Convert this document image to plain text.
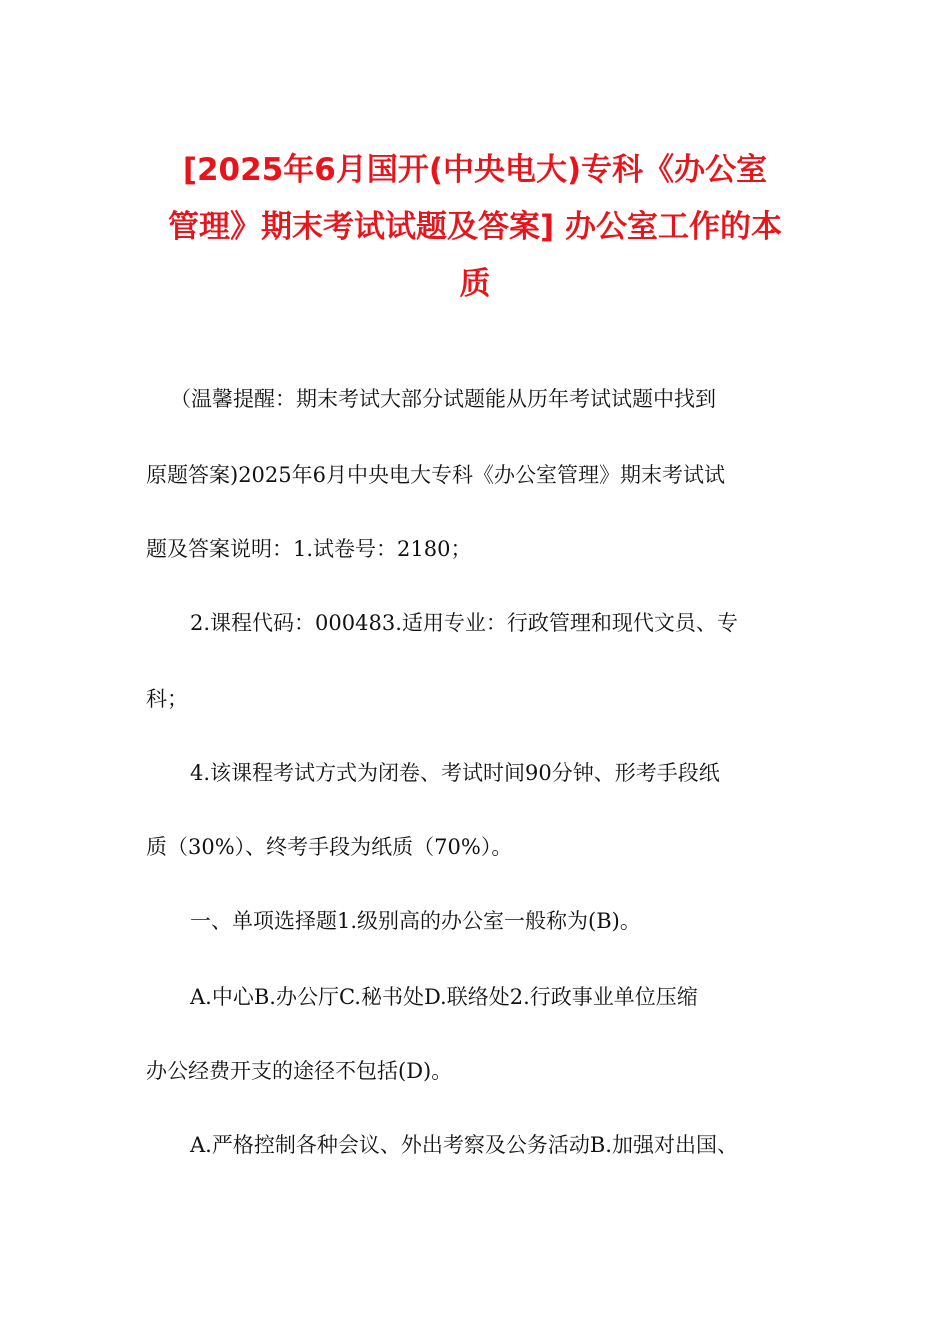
[2025年6月国开(中央电大)专科《办公室
管理》期末考试试题及答案] 办公室工作的本
质

（温馨提醒：期末考试大部分试题能从历年考试试题中找到

原题答案)2025年6月中央电大专科《办公室管理》期末考试试

题及答案说明：1.试卷号：2180；

2.课程代码：000483.适用专业：行政管理和现代文员、专

科；

4.该课程考试方式为闭卷、考试时间90分钟、形考手段纸

质（30%）、终考手段为纸质（70%）。

一、单项选择题1.级别高的办公室一般称为(B)。

A.中心B.办公厅C.秘书处D.联络处2.行政事业单位压缩

办公经费开支的途径不包括(D)。

A.严格控制各种会议、外出考察及公务活动B.加强对出国、
